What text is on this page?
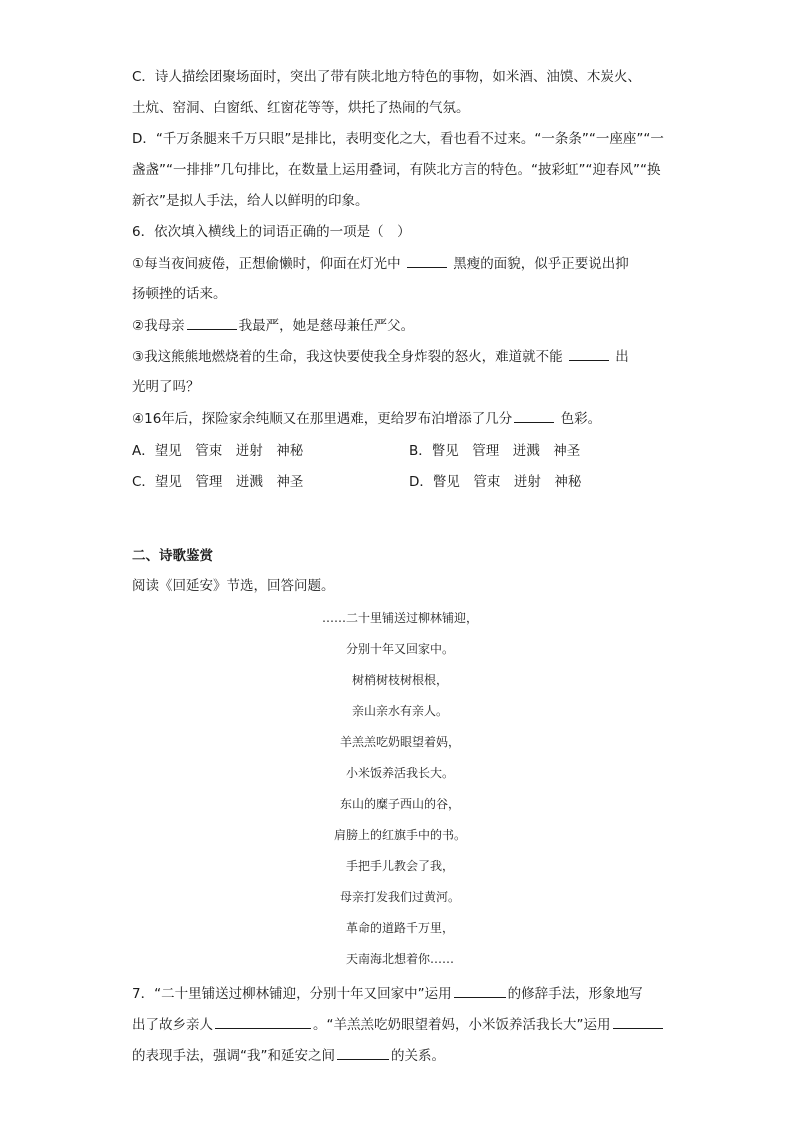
C．诗人描绘团聚场面时，突出了带有陕北地方特色的事物，如米酒、油馍、木炭火、
土炕、窑洞、白窗纸、红窗花等等，烘托了热闹的气氛。
D．“千万条腿来千万只眼”是排比，表明变化之大，看也看不过来。“一条条”“一座座”“一
盏盏”“一排排”几句排比，在数量上运用叠词，有陕北方言的特色。“披彩虹”“迎春风”“换
新衣”是拟人手法，给人以鲜明的印象。
6．依次填入横线上的词语正确的一项是（　）
①每当夜间疲倦，正想偷懒时，仰面在灯光中	黑瘦的面貌，似乎正要说出抑
扬顿挫的话来。
②我母亲	我最严，她是慈母兼任严父。
③我这熊熊地燃烧着的生命，我这快要使我全身炸裂的怒火，难道就不能	出
光明了吗？
④16年后，探险家余纯顺又在那里遇难，更给罗布泊增添了几分	色彩。
A．望见　管束　迸射　神秘	B．瞥见　管理　迸溅　神圣
C．望见　管理　迸溅　神圣	D．瞥见　管束　迸射　神秘
二、诗歌鉴赏
阅读《回延安》节选，回答问题。
……二十里铺送过柳林铺迎，
分别十年又回家中。
树梢树枝树根根，
亲山亲水有亲人。
羊羔羔吃奶眼望着妈，
小米饭养活我长大。
东山的糜子西山的谷，
肩膀上的红旗手中的书。
手把手儿教会了我，
母亲打发我们过黄河。
革命的道路千万里，
天南海北想着你……
7．“二十里铺送过柳林铺迎，分别十年又回家中”运用	的修辞手法，形象地写
出了故乡亲人	。“羊羔羔吃奶眼望着妈，小米饭养活我长大”运用
的表现手法，强调“我”和延安之间	的关系。
